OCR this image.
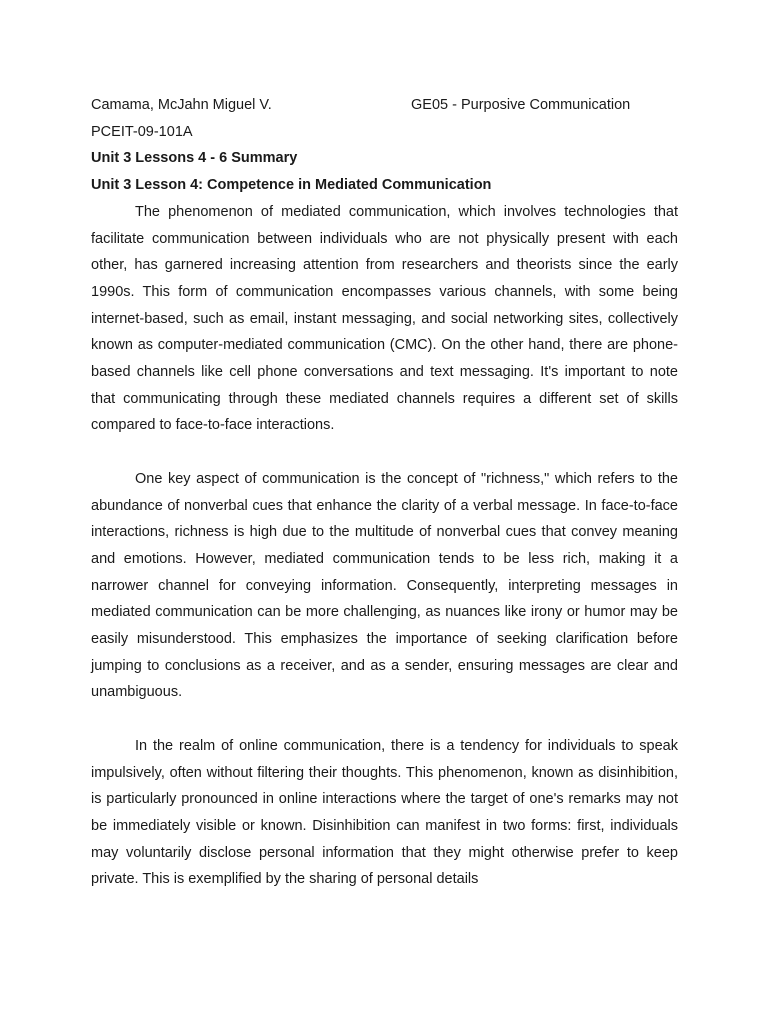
Camama, McJahn Miguel V.	GE05 - Purposive Communication
PCEIT-09-101A
Unit 3 Lessons 4 - 6 Summary
Unit 3 Lesson 4: Competence in Mediated Communication

The phenomenon of mediated communication, which involves technologies that facilitate communication between individuals who are not physically present with each other, has garnered increasing attention from researchers and theorists since the early 1990s. This form of communication encompasses various channels, with some being internet-based, such as email, instant messaging, and social networking sites, collectively known as computer-mediated communication (CMC). On the other hand, there are phone-based channels like cell phone conversations and text messaging. It's important to note that communicating through these mediated channels requires a different set of skills compared to face-to-face interactions.

One key aspect of communication is the concept of "richness," which refers to the abundance of nonverbal cues that enhance the clarity of a verbal message. In face-to-face interactions, richness is high due to the multitude of nonverbal cues that convey meaning and emotions. However, mediated communication tends to be less rich, making it a narrower channel for conveying information. Consequently, interpreting messages in mediated communication can be more challenging, as nuances like irony or humor may be easily misunderstood. This emphasizes the importance of seeking clarification before jumping to conclusions as a receiver, and as a sender, ensuring messages are clear and unambiguous.

In the realm of online communication, there is a tendency for individuals to speak impulsively, often without filtering their thoughts. This phenomenon, known as disinhibition, is particularly pronounced in online interactions where the target of one's remarks may not be immediately visible or known. Disinhibition can manifest in two forms: first, individuals may voluntarily disclose personal information that they might otherwise prefer to keep private. This is exemplified by the sharing of personal details
